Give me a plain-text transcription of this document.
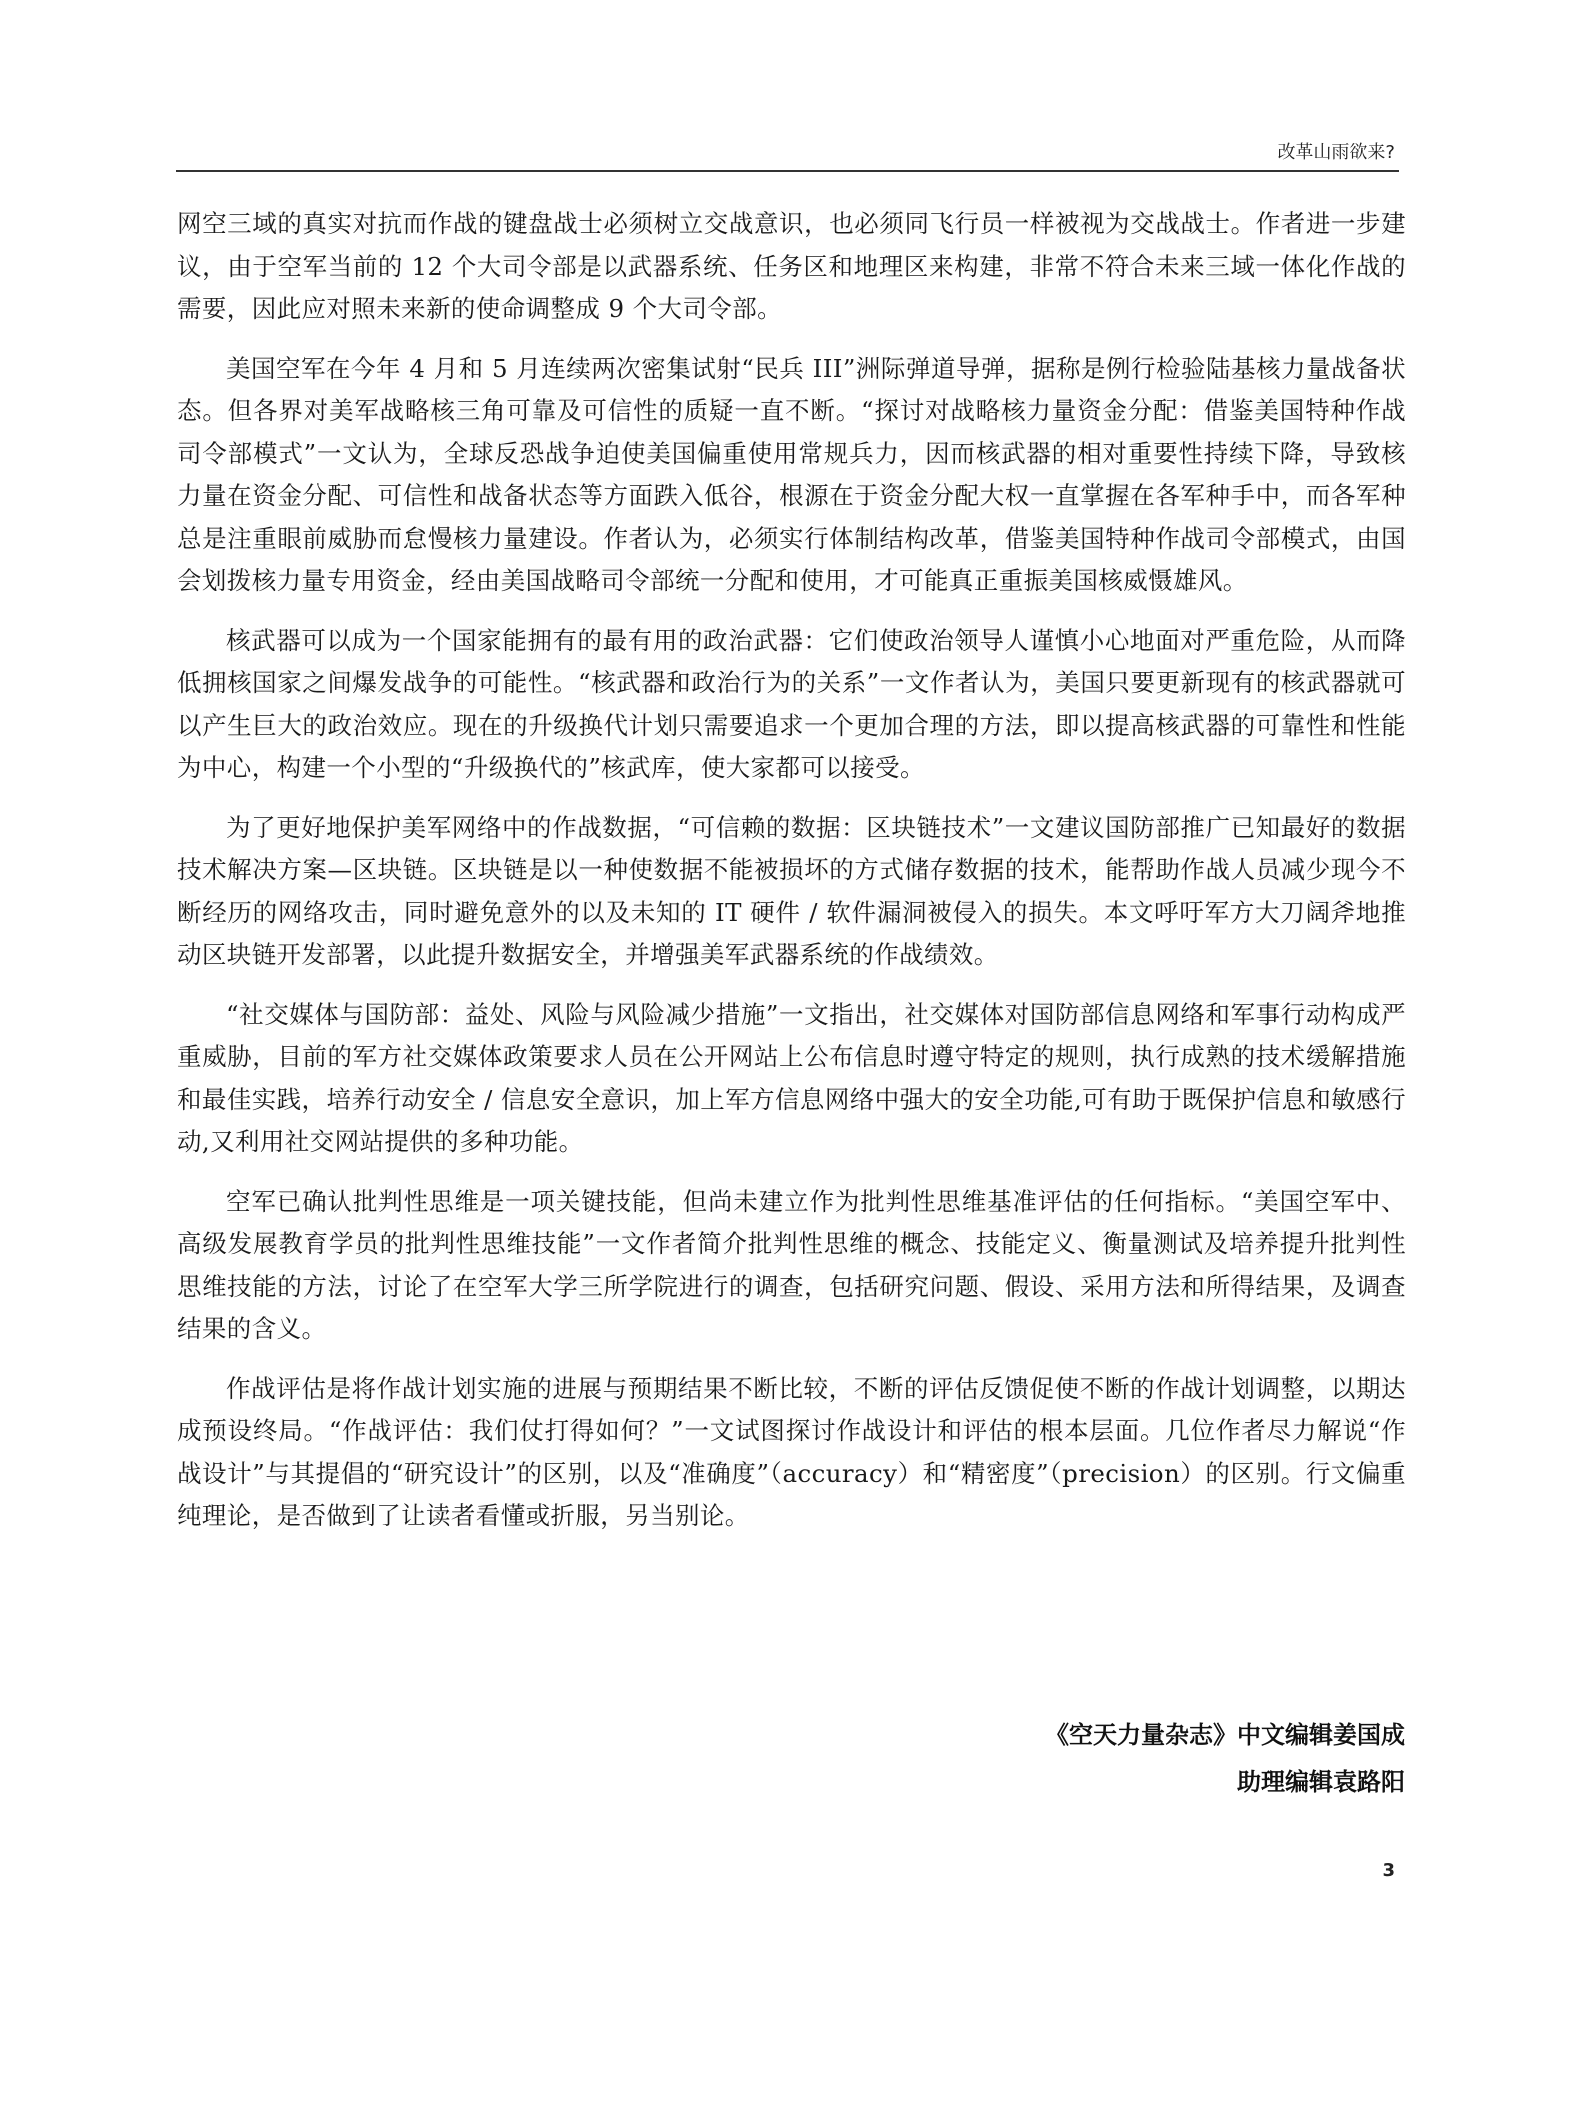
改革山雨欲来?

网空三域的真实对抗而作战的键盘战士必须树立交战意识，也必须同飞行员一样被视为交战战士。作者进一步建议，由于空军当前的 12 个大司令部是以武器系统、任务区和地理区来构建，非常不符合未来三域一体化作战的需要，因此应对照未来新的使命调整成 9 个大司令部。

美国空军在今年 4 月和 5 月连续两次密集试射“民兵 III”洲际弹道导弹，据称是例行检验陆基核力量战备状态。但各界对美军战略核三角可靠及可信性的质疑一直不断。“探讨对战略核力量资金分配：借鉴美国特种作战司令部模式”一文认为，全球反恐战争迫使美国偏重使用常规兵力，因而核武器的相对重要性持续下降，导致核力量在资金分配、可信性和战备状态等方面跌入低谷，根源在于资金分配大权一直掌握在各军种手中，而各军种总是注重眼前威胁而怠慢核力量建设。作者认为，必须实行体制结构改革，借鉴美国特种作战司令部模式，由国会划拨核力量专用资金，经由美国战略司令部统一分配和使用，才可能真正重振美国核威慑雄风。

核武器可以成为一个国家能拥有的最有用的政治武器：它们使政治领导人谨慎小心地面对严重危险，从而降低拥核国家之间爆发战争的可能性。“核武器和政治行为的关系”一文作者认为，美国只要更新现有的核武器就可以产生巨大的政治效应。现在的升级换代计划只需要追求一个更加合理的方法，即以提高核武器的可靠性和性能为中心，构建一个小型的“升级换代的”核武库，使大家都可以接受。

为了更好地保护美军网络中的作战数据，“可信赖的数据：区块链技术”一文建议国防部推广已知最好的数据技术解决方案—区块链。区块链是以一种使数据不能被损坏的方式储存数据的技术，能帮助作战人员减少现今不断经历的网络攻击，同时避免意外的以及未知的 IT 硬件 / 软件漏洞被侵入的损失。本文呼吁军方大刀阔斧地推动区块链开发部署，以此提升数据安全，并增强美军武器系统的作战绩效。

“社交媒体与国防部：益处、风险与风险减少措施”一文指出，社交媒体对国防部信息网络和军事行动构成严重威胁，目前的军方社交媒体政策要求人员在公开网站上公布信息时遵守特定的规则，执行成熟的技术缓解措施和最佳实践，培养行动安全 / 信息安全意识，加上军方信息网络中强大的安全功能,可有助于既保护信息和敏感行动,又利用社交网站提供的多种功能。

空军已确认批判性思维是一项关键技能，但尚未建立作为批判性思维基准评估的任何指标。“美国空军中、高级发展教育学员的批判性思维技能”一文作者简介批判性思维的概念、技能定义、衡量测试及培养提升批判性思维技能的方法，讨论了在空军大学三所学院进行的调查，包括研究问题、假设、采用方法和所得结果，及调查结果的含义。

作战评估是将作战计划实施的进展与预期结果不断比较，不断的评估反馈促使不断的作战计划调整，以期达成预设终局。“作战评估：我们仗打得如何？”一文试图探讨作战设计和评估的根本层面。几位作者尽力解说“作战设计”与其提倡的“研究设计”的区别，以及“准确度”（accuracy）和“精密度”（precision）的区别。行文偏重纯理论，是否做到了让读者看懂或折服，另当别论。

《空天力量杂志》中文编辑姜国成
助理编辑袁路阳
3
